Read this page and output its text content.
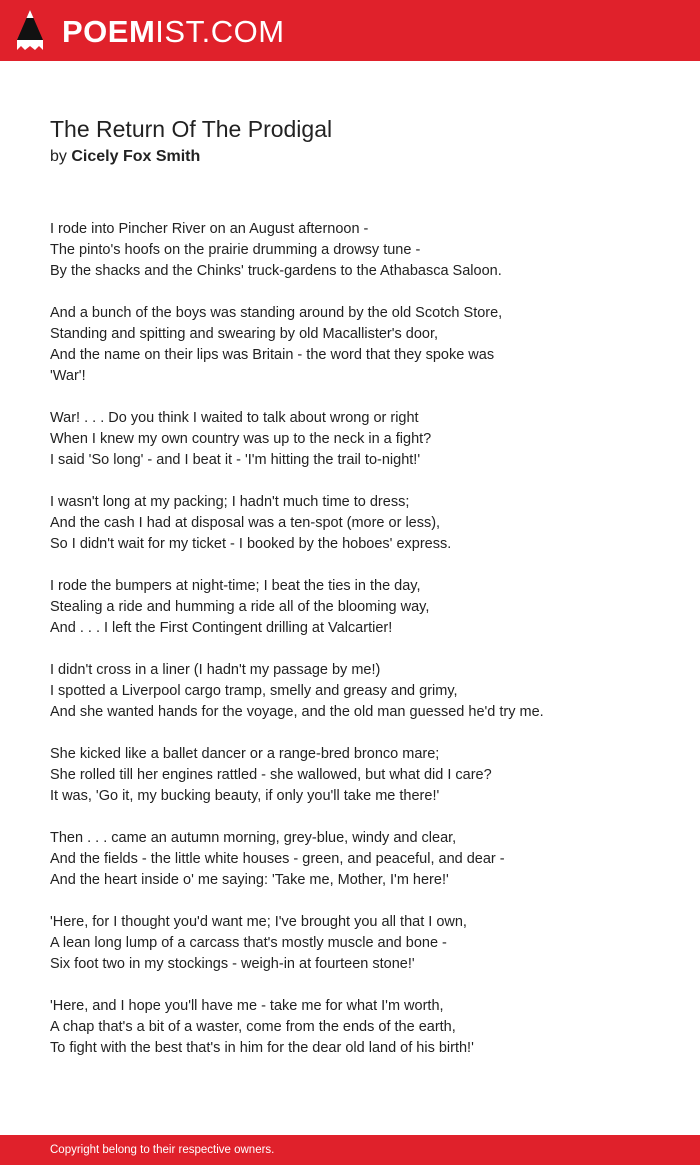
POEMIST.COM
The Return Of The Prodigal
by Cicely Fox Smith
I rode into Pincher River on an August afternoon -
The pinto's hoofs on the prairie drumming a drowsy tune -
By the shacks and the Chinks' truck-gardens to the Athabasca Saloon.
And a bunch of the boys was standing around by the old Scotch Store,
Standing and spitting and swearing by old Macallister's door,
And the name on their lips was Britain - the word that they spoke was
'War'!
War! . . . Do you think I waited to talk about wrong or right
When I knew my own country was up to the neck in a fight?
I said 'So long' - and I beat it - 'I'm hitting the trail to-night!'
I wasn't long at my packing; I hadn't much time to dress;
And the cash I had at disposal was a ten-spot (more or less),
So I didn't wait for my ticket - I booked by the hoboes' express.
I rode the bumpers at night-time; I beat the ties in the day,
Stealing a ride and humming a ride all of the blooming way,
And . . . I left the First Contingent drilling at Valcartier!
I didn't cross in a liner (I hadn't my passage by me!)
I spotted a Liverpool cargo tramp, smelly and greasy and grimy,
And she wanted hands for the voyage, and the old man guessed he'd try me.
She kicked like a ballet dancer or a range-bred bronco mare;
She rolled till her engines rattled - she wallowed, but what did I care?
It was, 'Go it, my bucking beauty, if only you'll take me there!'
Then . . . came an autumn morning, grey-blue, windy and clear,
And the fields - the little white houses - green, and peaceful, and dear -
And the heart inside o' me saying: 'Take me, Mother, I'm here!'
'Here, for I thought you'd want me; I've brought you all that I own,
A lean long lump of a carcass that's mostly muscle and bone -
Six foot two in my stockings - weigh-in at fourteen stone!'
'Here, and I hope you'll have me - take me for what I'm worth,
A chap that's a bit of a waster, come from the ends of the earth,
To fight with the best that's in him for the dear old land of his birth!'
Copyright belong to their respective owners.
